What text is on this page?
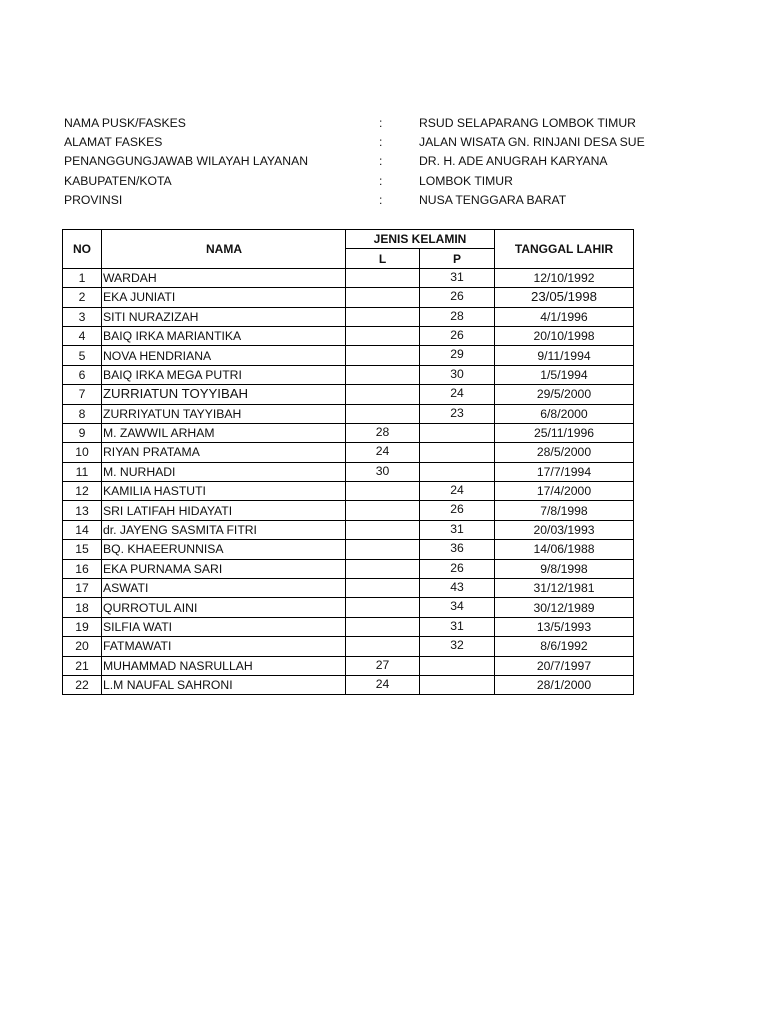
NAMA PUSK/FASKES	:	RSUD SELAPARANG LOMBOK TIMUR
ALAMAT FASKES	:	JALAN WISATA GN. RINJANI DESA SUE
PENANGGUNGJAWAB WILAYAH LAYANAN	:	DR. H. ADE ANUGRAH KARYANA
KABUPATEN/KOTA	:	LOMBOK TIMUR
PROVINSI	:	NUSA TENGGARA BARAT
NO	NAMA	JENIS KELAMIN		TANGGAL LAHIR
		L	P	
1	WARDAH		31	12/10/1992
2	EKA JUNIATI		26	23/05/1998
3	SITI NURAZIZAH		28	4/1/1996
4	BAIQ IRKA MARIANTIKA		26	20/10/1998
5	NOVA HENDRIANA		29	9/11/1994
6	BAIQ IRKA MEGA PUTRI		30	1/5/1994
7	ZURRIATUN TOYYIBAH		24	29/5/2000
8	ZURRIYATUN TAYYIBAH		23	6/8/2000
9	M. ZAWWIL ARHAM	28		25/11/1996
10	RIYAN PRATAMA	24		28/5/2000
11	M. NURHADI	30		17/7/1994
12	KAMILIA HASTUTI		24	17/4/2000
13	SRI LATIFAH HIDAYATI		26	7/8/1998
14	dr. JAYENG SASMITA FITRI		31	20/03/1993
15	BQ. KHAEERUNNISA		36	14/06/1988
16	EKA PURNAMA SARI		26	9/8/1998
17	ASWATI		43	31/12/1981
18	QURROTUL AINI		34	30/12/1989
19	SILFIA WATI		31	13/5/1993
20	FATMAWATI		32	8/6/1992
21	MUHAMMAD NASRULLAH	27		20/7/1997
22	L.M NAUFAL SAHRONI	24		28/1/2000
